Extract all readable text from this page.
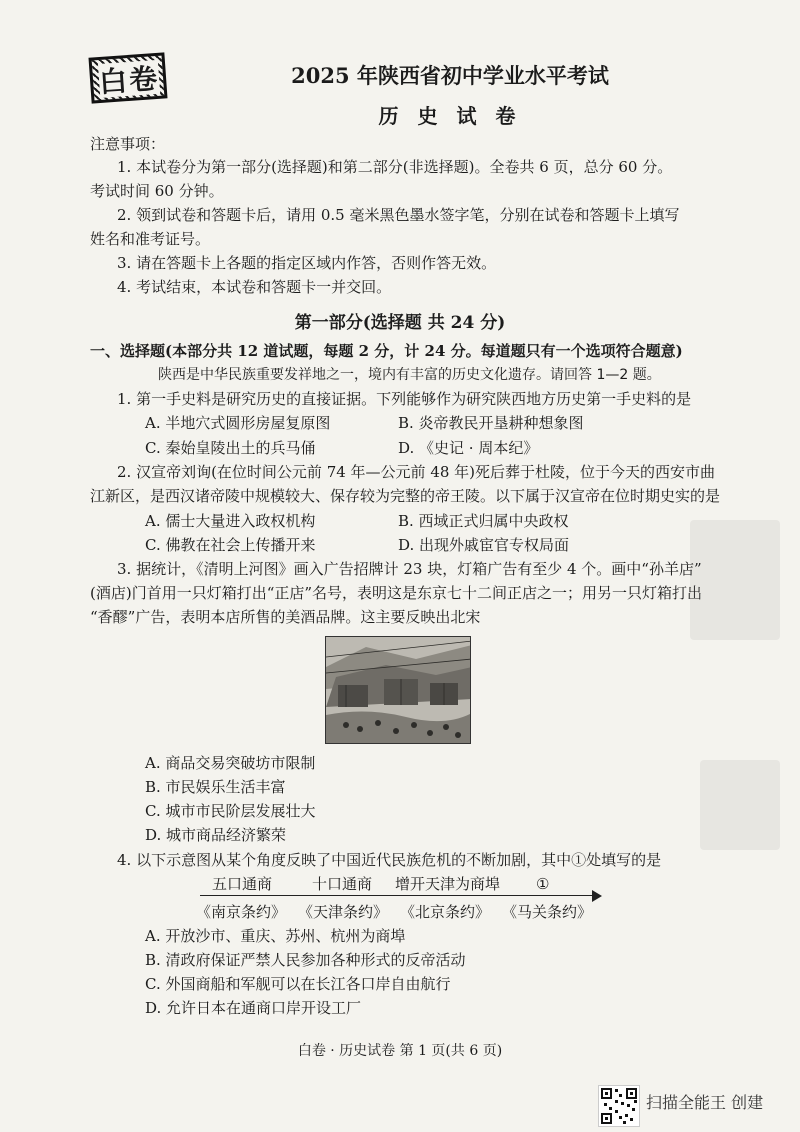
白卷	2025 年陕西省初中学业水平考试
历 史 试 卷
注意事项：
1. 本试卷分为第一部分(选择题)和第二部分(非选择题)。全卷共 6 页，总分 60 分。
考试时间 60 分钟。
2. 领到试卷和答题卡后，请用 0.5 毫米黑色墨水签字笔，分别在试卷和答题卡上填写
姓名和准考证号。
3. 请在答题卡上各题的指定区域内作答，否则作答无效。
4. 考试结束，本试卷和答题卡一并交回。
第一部分(选择题 共 24 分)
一、选择题(本部分共 12 道试题，每题 2 分，计 24 分。每道题只有一个选项符合题意)
陕西是中华民族重要发祥地之一，境内有丰富的历史文化遗存。请回答 1—2 题。
1. 第一手史料是研究历史的直接证据。下列能够作为研究陕西地方历史第一手史料的是
A. 半地穴式圆形房屋复原图	B. 炎帝教民开垦耕种想象图
C. 秦始皇陵出土的兵马俑	D. 《史记 · 周本纪》
2. 汉宣帝刘询(在位时间公元前 74 年—公元前 48 年)死后葬于杜陵，位于今天的西安市曲
江新区，是西汉诸帝陵中规模较大、保存较为完整的帝王陵。以下属于汉宣帝在位时期史实的是
A. 儒士大量进入政权机构	B. 西域正式归属中央政权
C. 佛教在社会上传播开来	D. 出现外戚宦官专权局面
3. 据统计，《清明上河图》画入广告招牌计 23 块，灯箱广告有至少 4 个。画中“孙羊店”
(酒店)门首用一只灯箱打出“正店”名号，表明这是东京七十二间正店之一；用另一只灯箱打出
“香醪”广告，表明本店所售的美酒品牌。这主要反映出北宋
A. 商品交易突破坊市限制
B. 市民娱乐生活丰富
C. 城市市民阶层发展壮大
D. 城市商品经济繁荣
4. 以下示意图从某个角度反映了中国近代民族危机的不断加剧，其中①处填写的是
五口通商	十口通商 增开天津为商埠 ①
《南京条约》 《天津条约》 《北京条约》 《马关条约》
A. 开放沙市、重庆、苏州、杭州为商埠
B. 清政府保证严禁人民参加各种形式的反帝活动
C. 外国商船和军舰可以在长江各口岸自由航行
D. 允许日本在通商口岸开设工厂
白卷 · 历史试卷 第 1 页(共 6 页)
扫描全能王 创建
